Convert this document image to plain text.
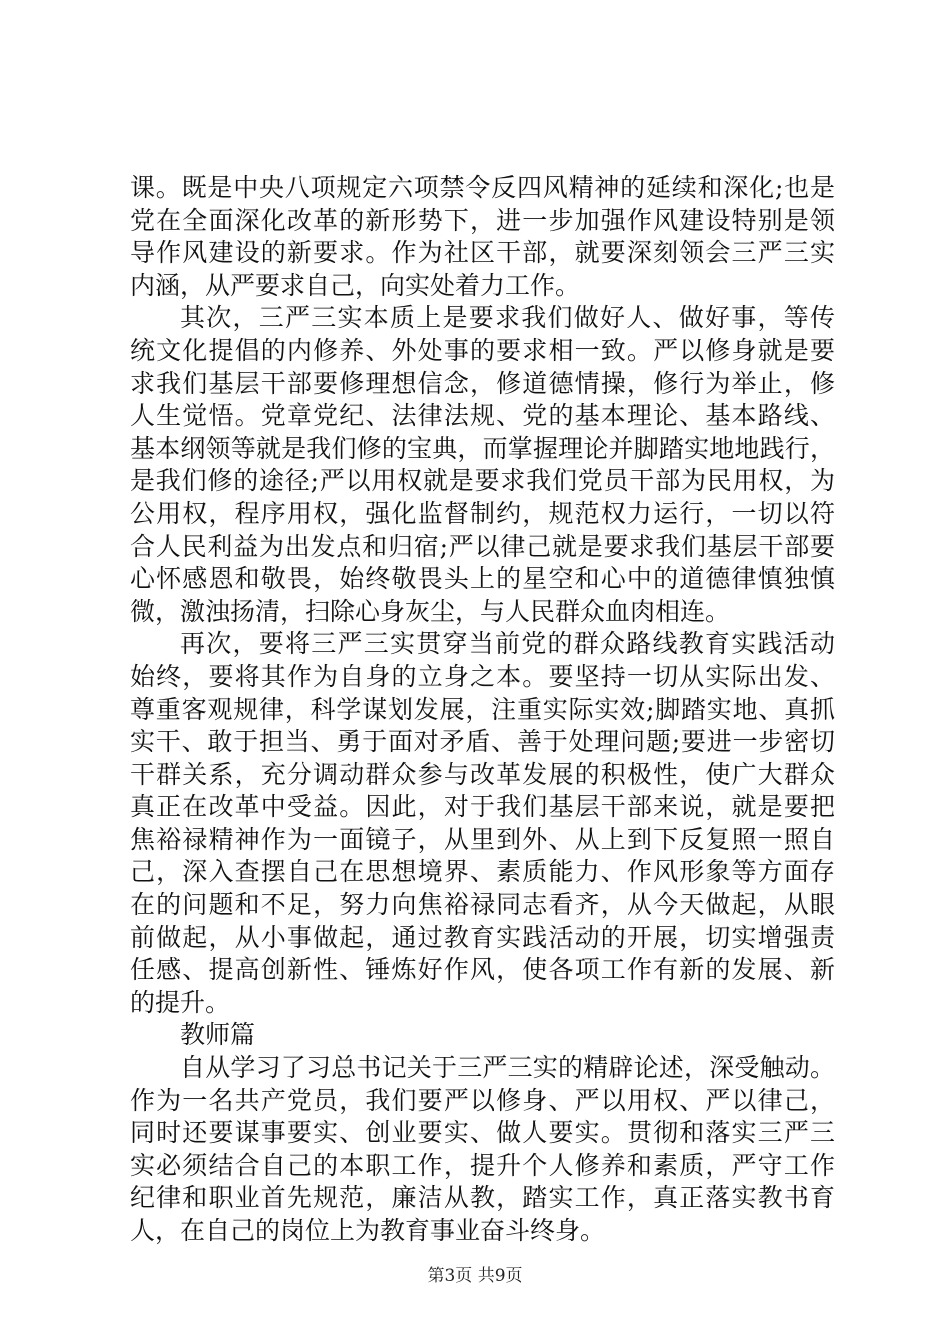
课。既是中央八项规定六项禁令反四风精神的延续和深化;也是
党在全面深化改革的新形势下，进一步加强作风建设特别是领
导作风建设的新要求。作为社区干部，就要深刻领会三严三实
内涵，从严要求自己，向实处着力工作。
其次，三严三实本质上是要求我们做好人、做好事，等传
统文化提倡的内修养、外处事的要求相一致。严以修身就是要
求我们基层干部要修理想信念，修道德情操，修行为举止，修
人生觉悟。党章党纪、法律法规、党的基本理论、基本路线、
基本纲领等就是我们修的宝典，而掌握理论并脚踏实地地践行，
是我们修的途径;严以用权就是要求我们党员干部为民用权，为
公用权，程序用权，强化监督制约，规范权力运行，一切以符
合人民利益为出发点和归宿;严以律己就是要求我们基层干部要
心怀感恩和敬畏，始终敬畏头上的星空和心中的道德律慎独慎
微，激浊扬清，扫除心身灰尘，与人民群众血肉相连。
再次，要将三严三实贯穿当前党的群众路线教育实践活动
始终，要将其作为自身的立身之本。要坚持一切从实际出发、
尊重客观规律，科学谋划发展，注重实际实效;脚踏实地、真抓
实干、敢于担当、勇于面对矛盾、善于处理问题;要进一步密切
干群关系，充分调动群众参与改革发展的积极性，使广大群众
真正在改革中受益。因此，对于我们基层干部来说，就是要把
焦裕禄精神作为一面镜子，从里到外、从上到下反复照一照自
己，深入查摆自己在思想境界、素质能力、作风形象等方面存
在的问题和不足，努力向焦裕禄同志看齐，从今天做起，从眼
前做起，从小事做起，通过教育实践活动的开展，切实增强责
任感、提高创新性、锤炼好作风，使各项工作有新的发展、新
的提升。
教师篇
自从学习了习总书记关于三严三实的精辟论述，深受触动。
作为一名共产党员，我们要严以修身、严以用权、严以律己，
同时还要谋事要实、创业要实、做人要实。贯彻和落实三严三
实必须结合自己的本职工作，提升个人修养和素质，严守工作
纪律和职业首先规范，廉洁从教，踏实工作，真正落实教书育
人，在自己的岗位上为教育事业奋斗终身。
第3页 共9页
